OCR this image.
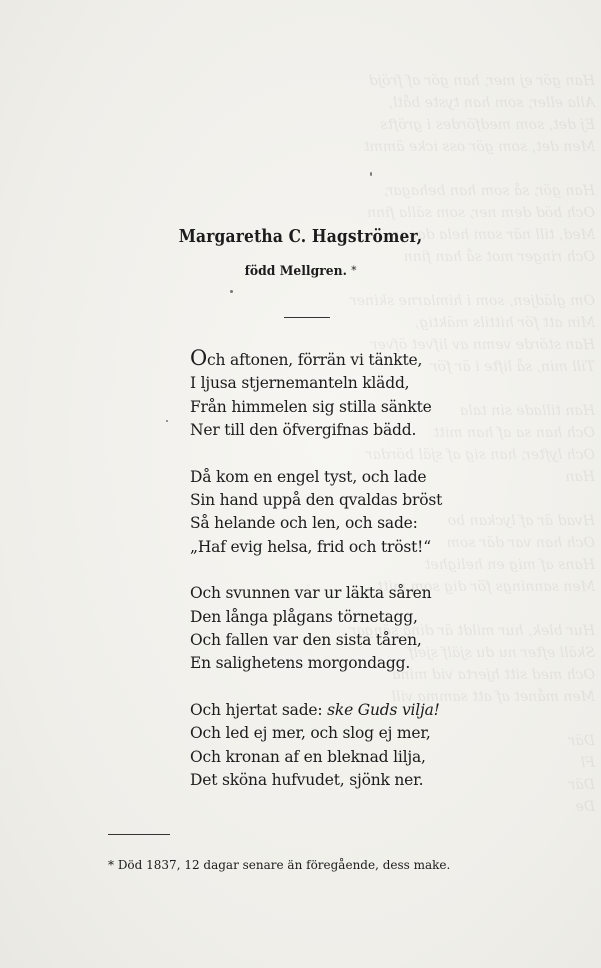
Han gör ej mer, han gör af fröjd
Alla eller, som han tyste båtl,
Ej det, som medfördes i gröfts
Men det, som gör oss icke ämmt

Han gör, så som han behagar,
Och böd dem ner, som sälla finn
Med, till när som hela dagar
Och ringer mot så han finn

Om glädjen, som i himlarne skiner
Min att för hittils mäktig,
Han störde vemn av lifvet öfver
Till min, så lifte i är för

Han tillade sin tala
Och han sa af han mitt
Och lyfter, han sig af själ bördar
Han

Hvad är af lyckan bo
Och han var där som
Hans af mig en helighet
Men sannings för dig som mitt

Hur blek, hur mildt är dina sängar
Skäll efter nu du själf sjelf
Och med sitt hjerta vid mina
Men månet af att samma vill

Där
Fl
Där
De
Margaretha C. Hagströmer,
född Mellgren. *
Och aftonen, förrän vi tänkte,
I ljusa stjernemanteln klädd,
Från himmelen sig stilla sänkte
Ner till den öfvergifnas bädd.
Då kom en engel tyst, och lade
Sin hand uppå den qvaldas bröst
Så helande och len, och sade:
„Haf evig helsa, frid och tröst!“
Och svunnen var ur läkta såren
Den långa plågans törnetagg,
Och fallen var den sista tåren,
En salighetens morgondagg.
Och hjertat sade: ske Guds vilja!
Och led ej mer, och slog ej mer,
Och kronan af en bleknad lilja,
Det sköna hufvudet, sjönk ner.
* Död 1837, 12 dagar senare än föregående, dess make.
